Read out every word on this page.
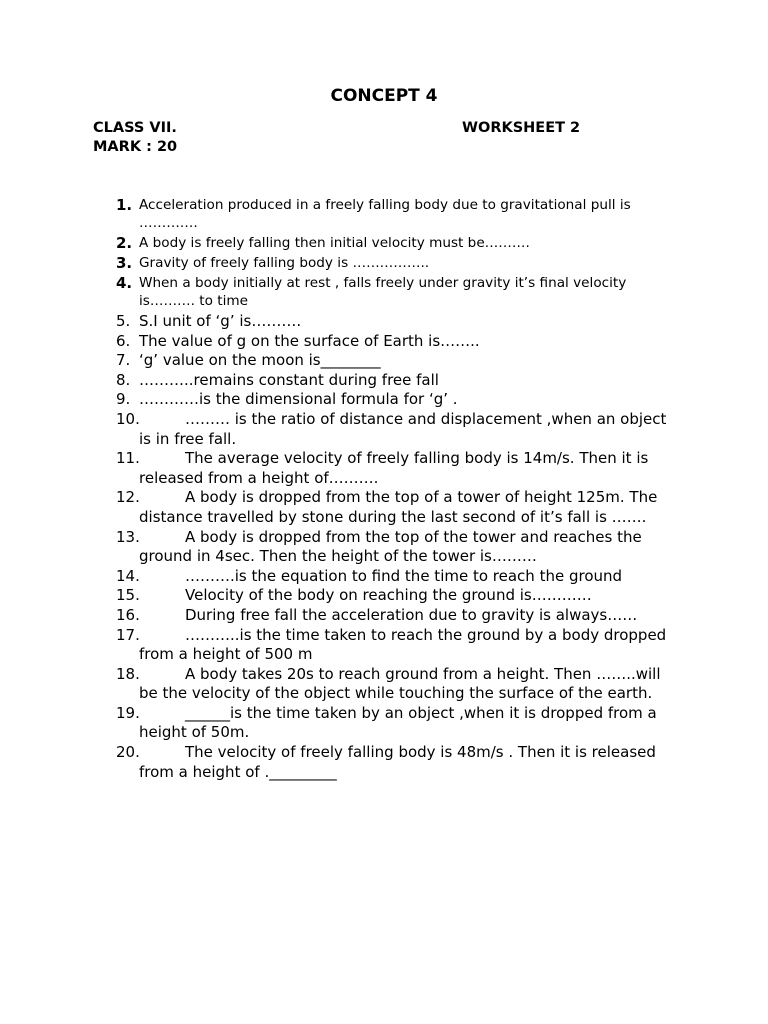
CONCEPT 4
CLASS VII.	WORKSHEET 2
MARK : 20
1. Acceleration produced in a freely falling body due to gravitational pull is ………….
2. A body is freely falling then initial velocity must be……….
3. Gravity of freely falling body is ……………..
4. When a body initially at rest , falls freely under gravity it’s final velocity is………. to time
5. S.I unit of ‘g’ is……….
6. The value of g on the surface of Earth is……..
7. ‘g’ value on the moon is________
8. ………..remains constant during free fall
9. …………is the dimensional formula for ‘g’ .
10.	……… is the ratio of distance and displacement ,when an object is in free fall.
11.	The average velocity of freely falling body is 14m/s. Then it is released from a height of……….
12.	A body is dropped from the top of a tower of height 125m. The distance travelled by stone during the last second of it’s fall is …….
13.	A body is dropped from the top of the tower and reaches the ground in 4sec. Then the height of the tower is………
14.	……….is the equation to find the time to reach the ground
15.	Velocity of the body on reaching the ground is…………
16.	During free fall the acceleration due to gravity is always……
17.	………..is the time taken to reach the ground by a body dropped from a height of 500 m
18.	A body takes 20s to reach ground from a height. Then ……..will be the velocity of the object while touching the surface of the earth.
19.	______is the time taken by an object ,when it is dropped from a height of 50m.
20.	The velocity of freely falling body is 48m/s . Then it is released from a height of ._________
